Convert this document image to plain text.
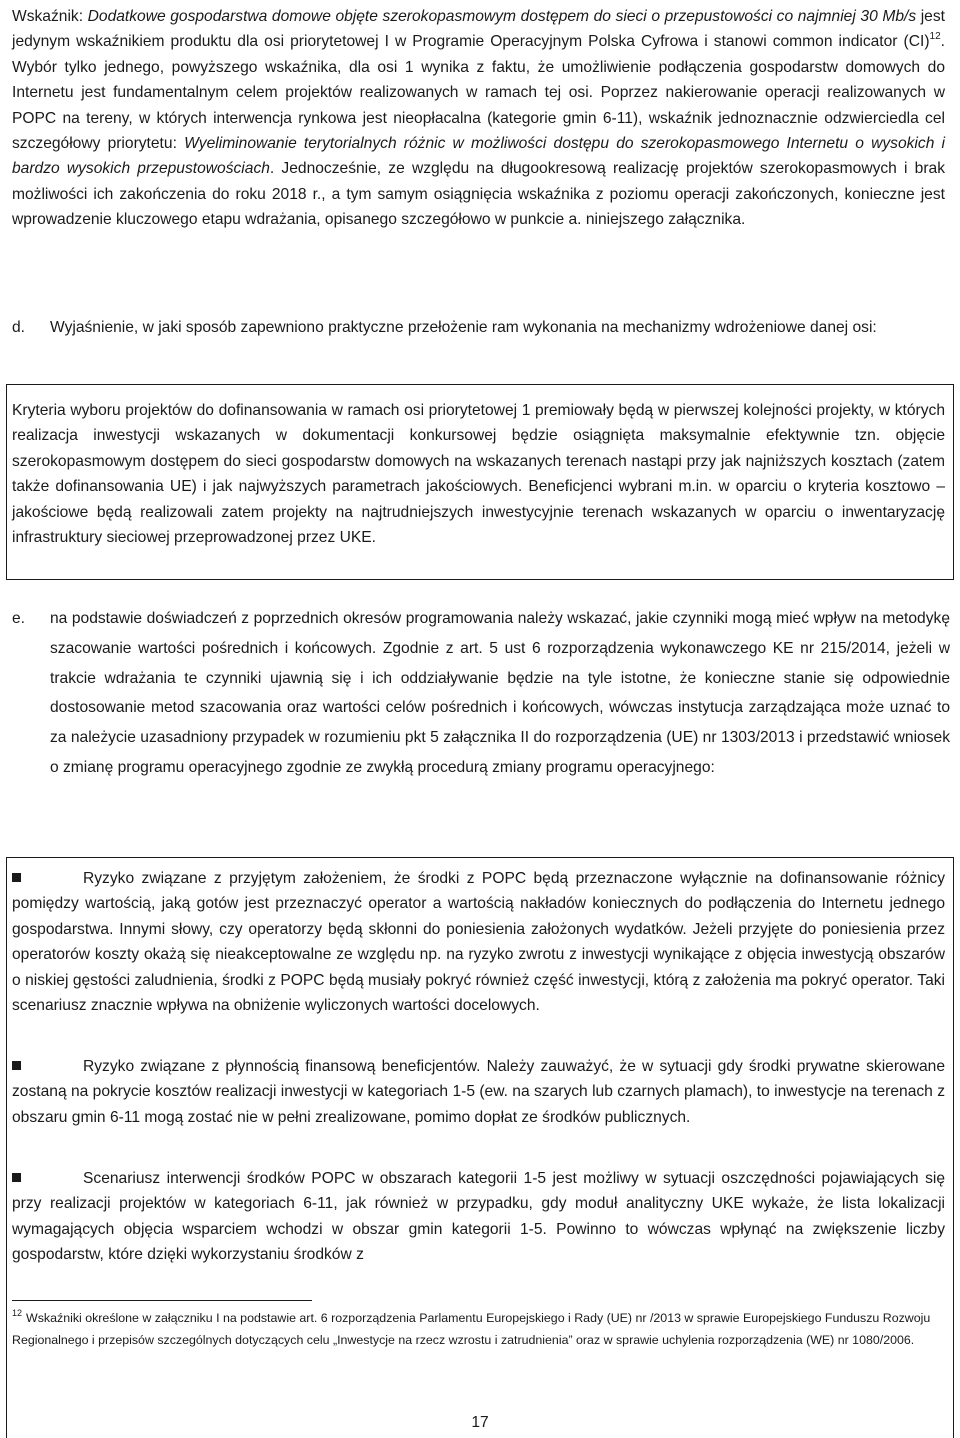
Wskaźnik: Dodatkowe gospodarstwa domowe objęte szerokopasmowym dostępem do sieci o przepustowości co najmniej 30 Mb/s jest jedynym wskaźnikiem produktu dla osi priorytetowej I w Programie Operacyjnym Polska Cyfrowa i stanowi common indicator (CI)$^{12}$. Wybór tylko jednego, powyższego wskaźnika, dla osi 1 wynika z faktu, że umożliwienie podłączenia gospodarstw domowych do Internetu jest fundamentalnym celem projektów realizowanych w ramach tej osi. Poprzez nakierowanie operacji realizowanych w POPC na tereny, w których interwencja rynkowa jest nieopłacalna (kategorie gmin 6-11), wskaźnik jednoznacznie odzwierciedla cel szczegółowy priorytetu: Wyeliminowanie terytorialnych różnic w możliwości dostępu do szerokopasmowego Internetu o wysokich i bardzo wysokich przepustowościach. Jednocześnie, ze względu na długookresową realizację projektów szerokopasmowych i brak możliwości ich zakończenia do roku 2018 r., a tym samym osiągnięcia wskaźnika z poziomu operacji zakończonych, konieczne jest wprowadzenie kluczowego etapu wdrażania, opisanego szczegółowo w punkcie a. niniejszego załącznika.

d. Wyjaśnienie, w jaki sposób zapewniono praktyczne przełożenie ram wykonania na mechanizmy wdrożeniowe danej osi:

Kryteria wyboru projektów do dofinansowania w ramach osi priorytetowej 1 premiowały będą w pierwszej kolejności projekty, w których realizacja inwestycji wskazanych w dokumentacji konkursowej będzie osiągnięta maksymalnie efektywnie tzn. objęcie szerokopasmowym dostępem do sieci gospodarstw domowych na wskazanych terenach nastąpi przy jak najniższych kosztach (zatem także dofinansowania UE) i jak najwyższych parametrach jakościowych. Beneficjenci wybrani m.in. w oparciu o kryteria kosztowo – jakościowe będą realizowali zatem projekty na najtrudniejszych inwestycyjnie terenach wskazanych w oparciu o inwentaryzację infrastruktury sieciowej przeprowadzonej przez UKE.

e.	na podstawie doświadczeń z poprzednich okresów programowania należy wskazać, jakie czynniki mogą mieć wpływ na metodykę szacowanie wartości pośrednich i końcowych. Zgodnie z art. 5 ust 6 rozporządzenia wykonawczego KE nr 215/2014, jeżeli w trakcie wdrażania te czynniki ujawnią się i ich oddziaływanie będzie na tyle istotne, że konieczne stanie się odpowiednie dostosowanie metod szacowania oraz wartości celów pośrednich i końcowych, wówczas instytucja zarządzająca może uznać to za należycie uzasadniony przypadek w rozumieniu pkt 5 załącznika II do rozporządzenia (UE) nr 1303/2013 i przedstawić wniosek o zmianę programu operacyjnego zgodnie ze zwykłą procedurą zmiany programu operacyjnego:

Ryzyko związane z przyjętym założeniem, że środki z POPC będą przeznaczone wyłącznie na dofinansowanie różnicy pomiędzy wartością, jaką gotów jest przeznaczyć operator a wartością nakładów koniecznych do podłączenia do Internetu jednego gospodarstwa. Innymi słowy, czy operatorzy będą skłonni do poniesienia założonych wydatków. Jeżeli przyjęte do poniesienia przez operatorów koszty okażą się nieakceptowalne ze względu np. na ryzyko zwrotu z inwestycji wynikające z objęcia inwestycją obszarów o niskiej gęstości zaludnienia, środki z POPC będą musiały pokryć również część inwestycji, którą z założenia ma pokryć operator. Taki scenariusz znacznie wpływa na obniżenie wyliczonych wartości docelowych.

Ryzyko związane z płynnością finansową beneficjentów. Należy zauważyć, że w sytuacji gdy środki prywatne skierowane zostaną na pokrycie kosztów realizacji inwestycji w kategoriach 1-5 (ew. na szarych lub czarnych plamach), to inwestycje na terenach z obszaru gmin 6-11 mogą zostać nie w pełni zrealizowane, pomimo dopłat ze środków publicznych.

Scenariusz interwencji środków POPC w obszarach kategorii 1-5 jest możliwy w sytuacji oszczędności pojawiających się przy realizacji projektów w kategoriach 6-11, jak również w przypadku, gdy moduł analityczny UKE wykaże, że lista lokalizacji wymagających objęcia wsparciem wchodzi w obszar gmin kategorii 1-5. Powinno to wówczas wpłynąć na zwiększenie liczby gospodarstw, które dzięki wykorzystaniu środków z

$^{12}$ Wskaźniki określone w załączniku I na podstawie art. 6 rozporządzenia Parlamentu Europejskiego i Rady (UE) nr /2013 w sprawie Europejskiego Funduszu Rozwoju Regionalnego i przepisów szczególnych dotyczących celu „Inwestycje na rzecz wzrostu i zatrudnienia” oraz w sprawie uchylenia rozporządzenia (WE) nr 1080/2006.

17
